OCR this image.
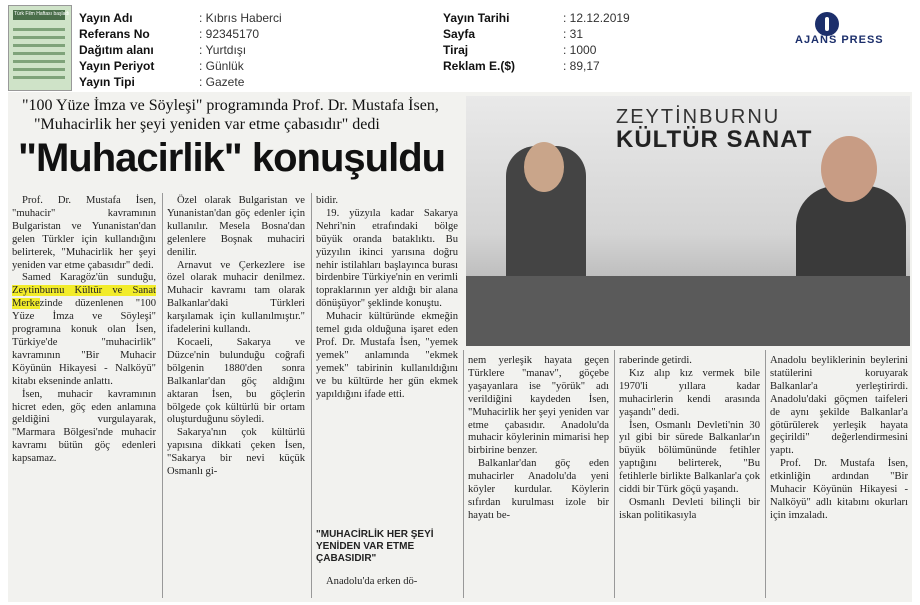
Türk Film Haftası başladı Yayın Adı	: Kıbrıs Haberci
Referans No	: 92345170
Dağıtım alanı	: Yurtdışı
Yayın Periyot	: Günlük
Yayın Tipi	: Gazete
Yayın Tarihi	: 12.12.2019
Sayfa	: 31
Tiraj	: 1000
Reklam E.($)	: 89,17
AJANS PRESS
"100 Yüze İmza ve Söyleşi" programında Prof. Dr. Mustafa İsen,
"Muhacirlik her şeyi yeniden var etme çabasıdır" dedi
"Muhacirlik" konuşuldu
ZEYTİNBURNU
KÜLTÜR SANAT

Prof. Dr. Mustafa İsen, "muhacir" kavramının Bulgaristan ve Yunanistan'dan gelen Türkler için kullandığını belirterek, "Muhacirlik her şeyi yeniden var etme çabasıdır" dedi.

Samed Karagöz'ün sunduğu, Zeytinburnu Kültür ve Sanat Merkezinde düzenlenen "100 Yüze İmza ve Söyleşi" programına konuk olan İsen, Türkiye'de "muhacirlik" kavramının "Bir Muhacir Köyünün Hikayesi - Nalköyü" kitabı ekseninde anlattı.

İsen, muhacir kavramının hicret eden, göç eden anlamına geldiğini vurgulayarak, "Marmara Bölgesi'nde muhacir kavramı bütün göç edenleri kapsamaz.

Özel olarak Bulgaristan ve Yunanistan'dan göç edenler için kullanılır. Mesela Bosna'dan gelenlere Boşnak muhaciri denilir.

Arnavut ve Çerkezlere ise özel olarak muhacir denilmez. Muhacir kavramı tam olarak Balkanlar'daki Türkleri karşılamak için kullanılmıştır." ifadelerini kullandı.

Kocaeli, Sakarya ve Düzce'nin bulunduğu coğrafi bölgenin 1880'den sonra Balkanlar'dan göç aldığını aktaran İsen, bu göçlerin bölgede çok kültürlü bir ortam oluşturduğunu söyledi.

Sakarya'nın çok kültürlü yapısına dikkati çeken İsen, "Sakarya bir nevi küçük Osmanlı gi-

bidir.

19. yüzyıla kadar Sakarya Nehri'nin etrafındaki bölge büyük oranda bataklıktı. Bu yüzyılın ikinci yarısına doğru nehir istilahları başlayınca burası birdenbire Türkiye'nin en verimli topraklarının yer aldığı bir alana dönüşüyor" şeklinde konuştu.

Muhacir kültüründe ekmeğin temel gıda olduğuna işaret eden Prof. Dr. Mustafa İsen, "yemek yemek" anlamında "ekmek yemek" tabirinin kullanıldığını ve bu kültürde her gün ekmek yapıldığını ifade etti.

"MUHACİRLİK HER ŞEYİ YENİDEN VAR ETME ÇABASIDIR"

Anadolu'da erken dö-

nem yerleşik hayata geçen Türklere "manav", göçebe yaşayanlara ise "yörük" adı verildiğini kaydeden İsen, "Muhacirlik her şeyi yeniden var etme çabasıdır. Anadolu'da muhacir köylerinin mimarisi hep birbirine benzer.

Balkanlar'dan göç eden muhacirler Anadolu'da yeni köyler kurdular. Köylerin sıfırdan kurulması izole bir hayatı be-

raberinde getirdi.

Kız alıp kız vermek bile 1970'li yıllara kadar muhacirlerin kendi arasında yaşandı" dedi.

İsen, Osmanlı Devleti'nin 30 yıl gibi bir sürede Balkanlar'ın büyük bölümününde fetihler yaptığını belirterek, "Bu fetihlerle birlikte Balkanlar'a çok ciddi bir Türk göçü yaşandı.

Osmanlı Devleti bilinçli bir iskan politikasıyla

Anadolu beyliklerinin beylerini statülerini koruyarak Balkanlar'a yerleştirirdi. Anadolu'daki göçmen taifeleri de aynı şekilde Balkanlar'a götürülerek yerleşik hayata geçirildi" değerlendirmesini yaptı.

Prof. Dr. Mustafa İsen, etkinliğin ardından "Bir Muhacir Köyünün Hikayesi - Nalköyü" adlı kitabını okurları için imzaladı.
